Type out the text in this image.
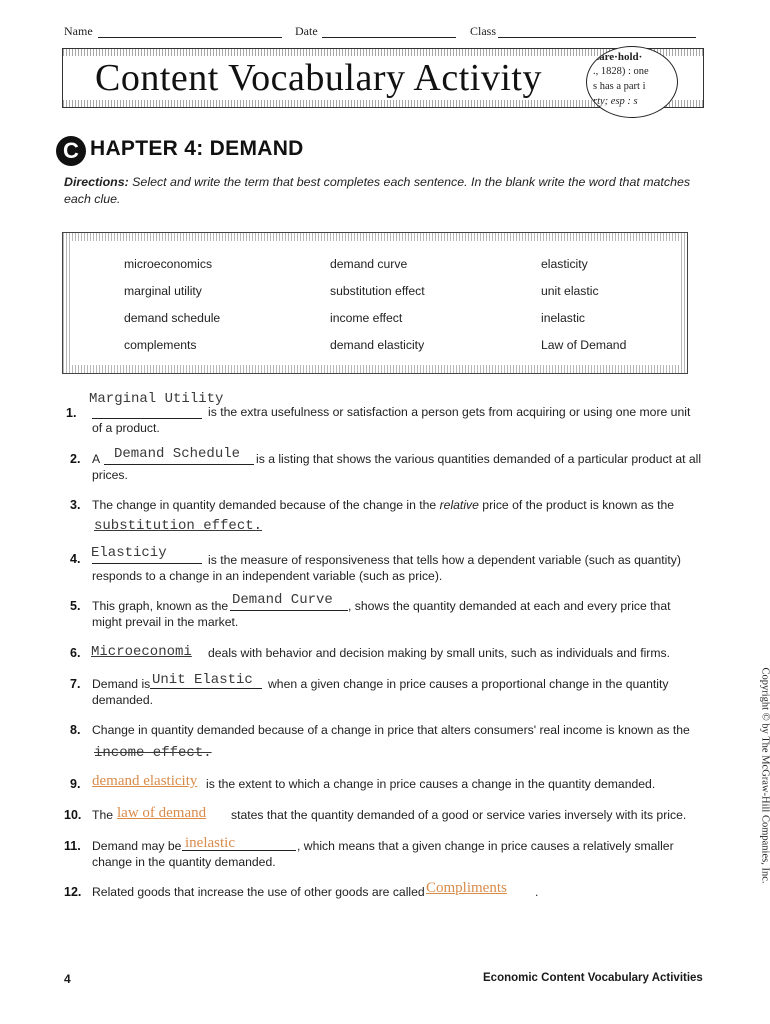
Name	Date	Class
Content Vocabulary Activity	hare·hold·
., 1828) : one
s has a part i
rty; esp : s
C HAPTER 4: DEMAND
Directions: Select and write the term that best completes each sentence. In the blank write the word that matches each clue.
microeconomics	demand curve	elasticity
marginal utility	substitution effect	unit elastic
demand schedule	income effect	inelastic
complements	demand elasticity	Law of Demand
Marginal Utility
1.	is the extra usefulness or satisfaction a person gets from acquiring or using one more unit
of a product.
2. A Demand Schedule is a listing that shows the various quantities demanded of a particular product at all
prices.
3. The change in quantity demanded because of the change in the relative price of the product is known as the
substitution effect.
Elasticiy
4.	is the measure of responsiveness that tells how a dependent variable (such as quantity)
responds to a change in an independent variable (such as price).
5. This graph, known as the Demand Curve , shows the quantity demanded at each and every price that
might prevail in the market.
6. Microeconomi deals with behavior and decision making by small units, such as individuals and firms.
7. Demand is Unit Elastic when a given change in price causes a proportional change in the quantity
demanded.
8. Change in quantity demanded because of a change in price that alters consumers' real income is known as the
income effect.
9. demand elasticity is the extent to which a change in price causes a change in the quantity demanded.
10. The law of demand states that the quantity demanded of a good or service varies inversely with its price.
11. Demand may be inelastic	, which means that a given change in price causes a relatively smaller
change in the quantity demanded.
12. Related goods that increase the use of other goods are called Compliments .
Copyright © by The McGraw-Hill Companies, Inc.
4	Economic Content Vocabulary Activities
